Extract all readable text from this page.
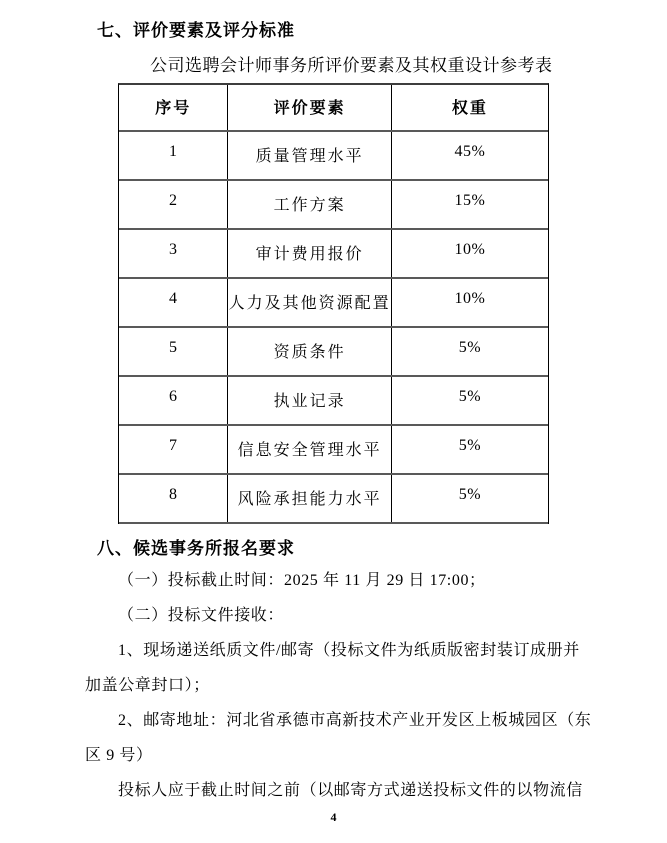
七、评价要素及评分标准
公司选聘会计师事务所评价要素及其权重设计参考表
序号	评价要素	权重
1	质量管理水平	45%
2	工作方案	15%
3	审计费用报价	10%
4	人力及其他资源配置	10%
5	资质条件	5%
6	执业记录	5%
7	信息安全管理水平	5%
8	风险承担能力水平	5%
八、候选事务所报名要求
（一）投标截止时间：2025 年 11 月 29 日 17:00；
（二）投标文件接收：
1、现场递送纸质文件/邮寄（投标文件为纸质版密封装订成册并
加盖公章封口）；
2、邮寄地址：河北省承德市高新技术产业开发区上板城园区（东
区 9 号）
投标人应于截止时间之前（以邮寄方式递送投标文件的以物流信
4
